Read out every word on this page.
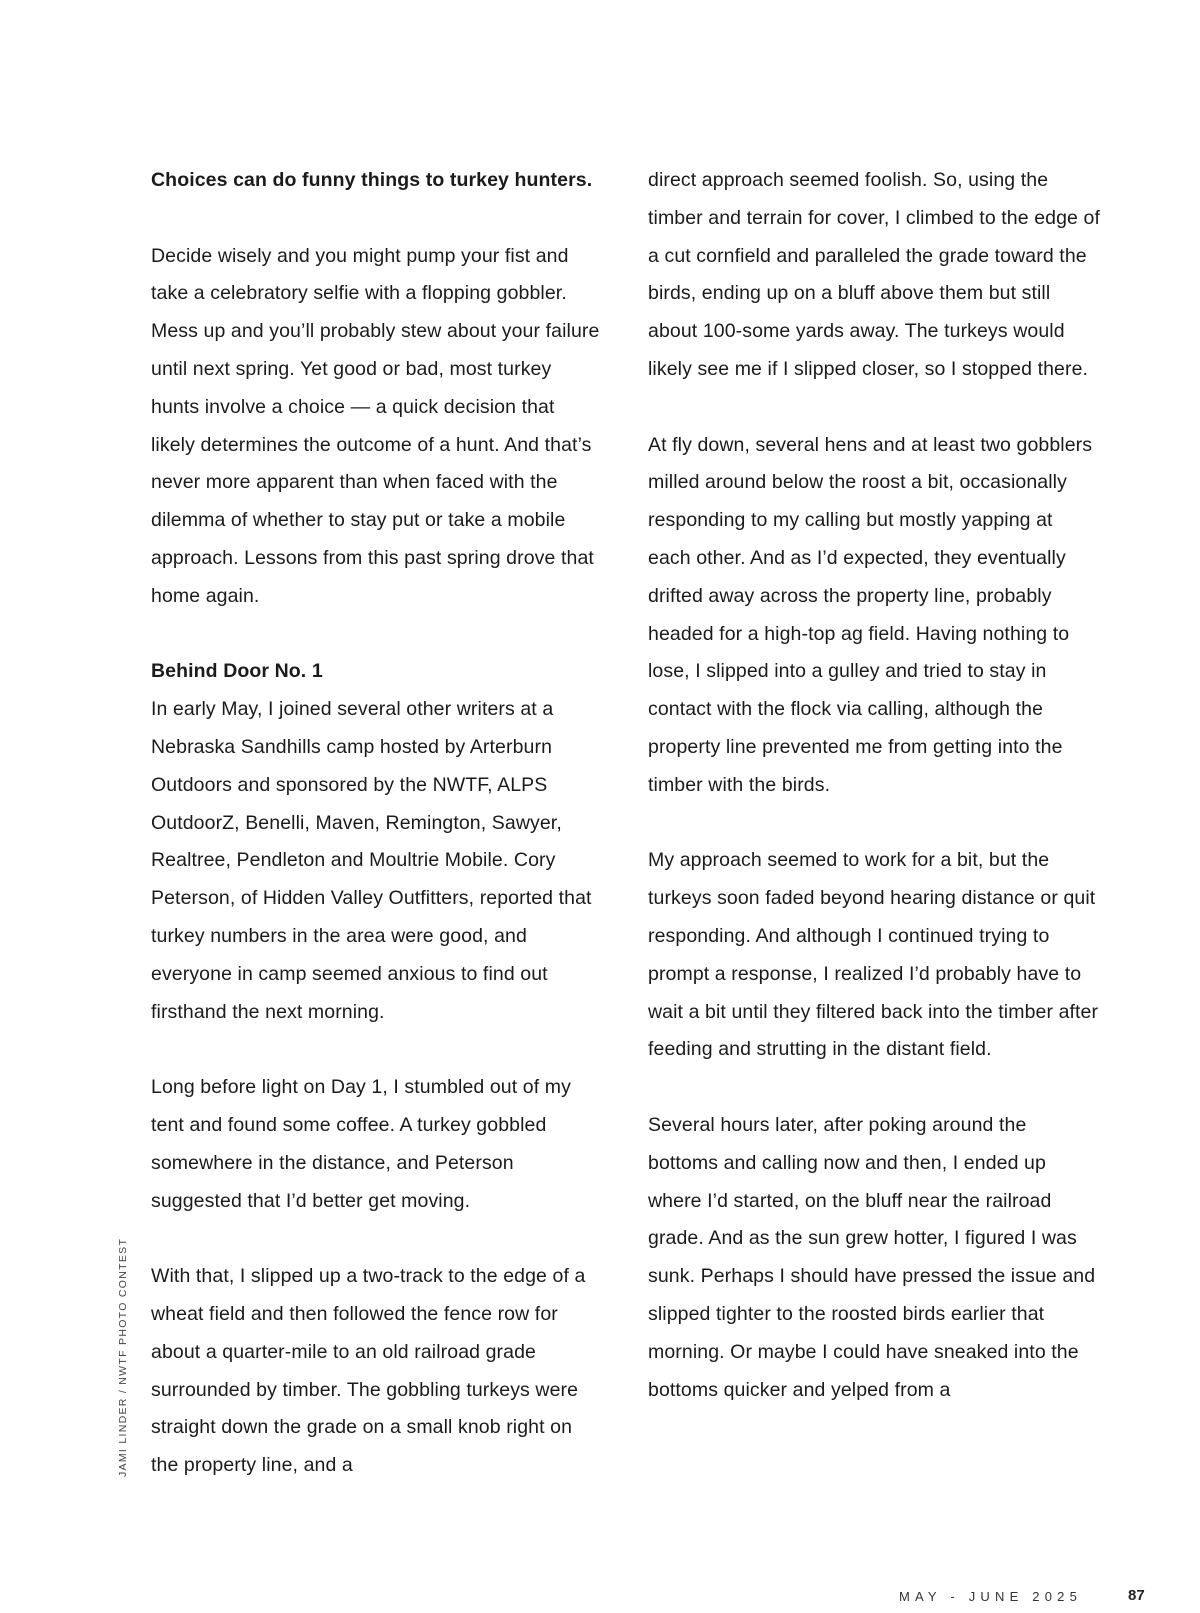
Choices can do funny things to turkey hunters.

Decide wisely and you might pump your fist and take a celebratory selfie with a flopping gobbler. Mess up and you’ll probably stew about your failure until next spring. Yet good or bad, most turkey hunts involve a choice — a quick decision that likely determines the outcome of a hunt. And that’s never more apparent than when faced with the dilemma of whether to stay put or take a mobile approach. Lessons from this past spring drove that home again.

Behind Door No. 1

In early May, I joined several other writers at a Nebraska Sandhills camp hosted by Arterburn Outdoors and sponsored by the NWTF, ALPS OutdoorZ, Benelli, Maven, Remington, Sawyer, Realtree, Pendleton and Moultrie Mobile. Cory Peterson, of Hidden Valley Outfitters, reported that turkey numbers in the area were good, and everyone in camp seemed anxious to find out firsthand the next morning.

Long before light on Day 1, I stumbled out of my tent and found some coffee. A turkey gobbled somewhere in the distance, and Peterson suggested that I’d better get moving.

With that, I slipped up a two-track to the edge of a wheat field and then followed the fence row for about a quarter-mile to an old railroad grade surrounded by timber. The gobbling turkeys were straight down the grade on a small knob right on the property line, and a

direct approach seemed foolish. So, using the timber and terrain for cover, I climbed to the edge of a cut cornfield and paralleled the grade toward the birds, ending up on a bluff above them but still about 100-some yards away. The turkeys would likely see me if I slipped closer, so I stopped there.

At fly down, several hens and at least two gobblers milled around below the roost a bit, occasionally responding to my calling but mostly yapping at each other. And as I’d expected, they eventually drifted away across the property line, probably headed for a high-top ag field. Having nothing to lose, I slipped into a gulley and tried to stay in contact with the flock via calling, although the property line prevented me from getting into the timber with the birds.

My approach seemed to work for a bit, but the turkeys soon faded beyond hearing distance or quit responding. And although I continued trying to prompt a response, I realized I’d probably have to wait a bit until they filtered back into the timber after feeding and strutting in the distant field.

Several hours later, after poking around the bottoms and calling now and then, I ended up where I’d started, on the bluff near the railroad grade. And as the sun grew hotter, I figured I was sunk. Perhaps I should have pressed the issue and slipped tighter to the roosted birds earlier that morning. Or maybe I could have sneaked into the bottoms quicker and yelped from a

JAMI LINDER / NWTF PHOTO CONTEST
MAY - JUNE 2025	87
